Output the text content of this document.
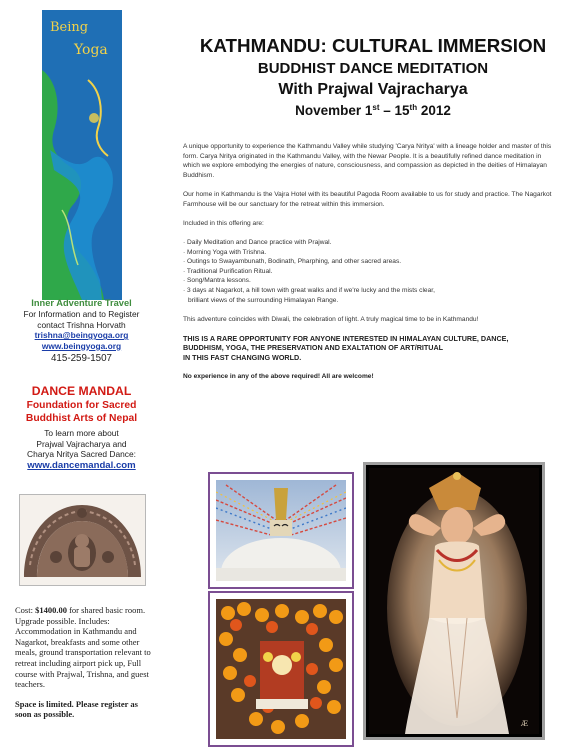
Being
Yoga
Inner Adventure Travel
For Information and to Register
contact Trishna Horvath
trishna@beingyoga.org
www.beingyoga.org
415-259-1507
DANCE MANDAL
Foundation for Sacred
Buddhist Arts of Nepal
To learn more about
Prajwal Vajracharya and
Charya Nritya Sacred Dance:
www.dancemandal.com
Cost: $1400.00 for shared basic room. Upgrade possible. Includes: Accommodation in Kathmandu and Nagarkot, breakfasts and some other meals, ground transportation relevant to retreat including airport pick up, Full course with Prajwal, Trishna, and guest teachers.
Space is limited. Please register as soon as possible.
KATHMANDU: CULTURAL IMMERSION
BUDDHIST DANCE MEDITATION
With Prajwal Vajracharya
November 1st – 15th 2012

A unique opportunity to experience the Kathmandu Valley while studying 'Carya Nritya' with a lineage holder and master of this form. Carya Nritya originated in the Kathmandu Valley, with the Newar People. It is a beautifully refined dance meditation in which we explore embodying the energies of nature, consciousness, and compassion as depicted in the deities of Himalayan Buddhism.

Our home in Kathmandu is the Vajra Hotel with its beautiful Pagoda Room available to us for study and practice. The Nagarkot Farmhouse will be our sanctuary for the retreat within this immersion.

Included in this offering are:

· Daily Meditation and Dance practice with Prajwal.
· Morning Yoga with Trishna.
· Outings to Swayambunath, Bodinath, Pharphing, and other sacred areas.
· Traditional Purification Ritual.
· Song/Mantra lessons.
· 3 days at Nagarkot, a hill town with great walks and if we're lucky and the mists clear,
brilliant views of the surrounding Himalayan Range.

This adventure coincides with Diwali, the celebration of light. A truly magical time to be in Kathmandu!

THIS IS A RARE OPPORTUNITY FOR ANYONE INTERESTED IN HIMALAYAN CULTURE, DANCE,
BUDDHISM, YOGA, THE PRESERVATION AND EXALTATION OF ART/RITUAL
IN THIS FAST CHANGING WORLD.

No experience in any of the above required! All are welcome!

Æ
